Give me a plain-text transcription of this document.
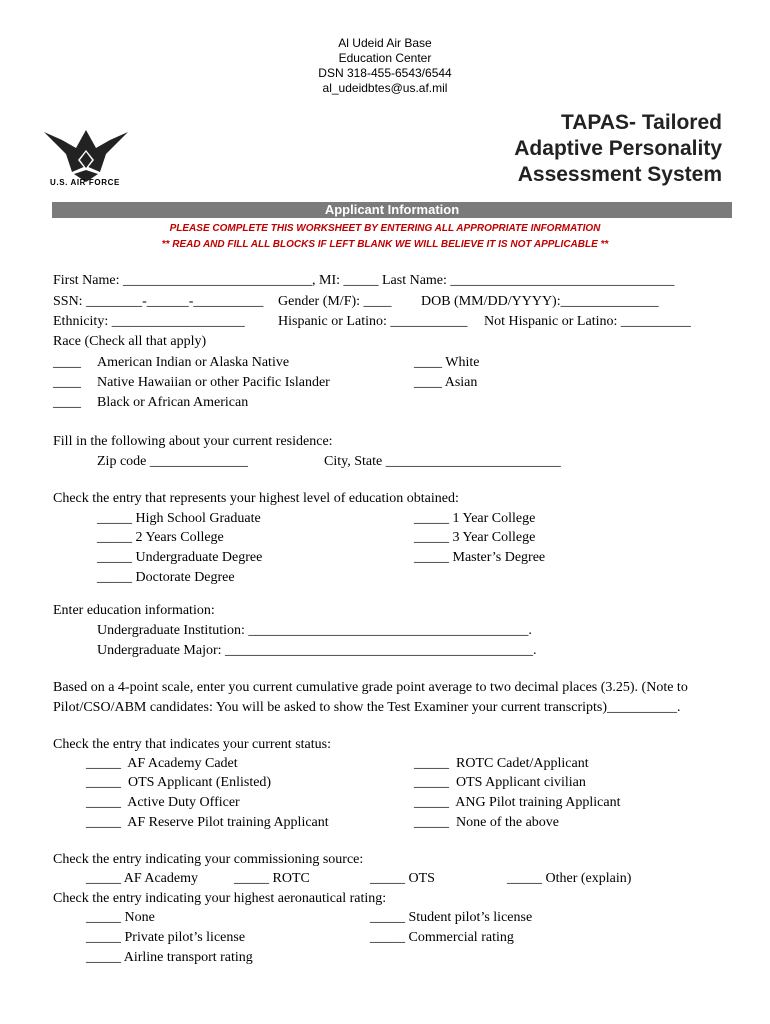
Al Udeid Air Base
Education Center
DSN 318-455-6543/6544
al_udeidbtes@us.af.mil
U.S. AIR FORCE
TAPAS- Tailored
Adaptive Personality
Assessment System
Applicant Information
PLEASE COMPLETE THIS WORKSHEET BY ENTERING ALL APPROPRIATE INFORMATION
** READ AND FILL ALL BLOCKS IF LEFT BLANK WE WILL BELIEVE IT IS NOT APPLICABLE **
First Name: ___________________________, MI: _____ Last Name: ________________________________
SSN: ________-______-__________ Gender (M/F): ____ DOB (MM/DD/YYYY):______________
Ethnicity: ___________________ Hispanic or Latino: ___________ Not Hispanic or Latino: __________
Race (Check all that apply)
____ American Indian or Alaska Native	____ White
____ Native Hawaiian or other Pacific Islander	____ Asian
____ Black or African American
Fill in the following about your current residence:
Zip code ______________	City, State _________________________
Check the entry that represents your highest level of education obtained:
_____ High School Graduate	_____ 1 Year College
_____ 2 Years College	_____ 3 Year College
_____ Undergraduate Degree	_____ Master’s Degree
_____ Doctorate Degree
Enter education information:
Undergraduate Institution: ________________________________________.
Undergraduate Major: ____________________________________________.
Based on a 4-point scale, enter you current cumulative grade point average to two decimal places (3.25). (Note to
Pilot/CSO/ABM candidates: You will be asked to show the Test Examiner your current transcripts)__________.
Check the entry that indicates your current status:
_____  AF Academy Cadet	_____  ROTC Cadet/Applicant
_____  OTS Applicant (Enlisted)	_____  OTS Applicant civilian
_____  Active Duty Officer	_____  ANG Pilot training Applicant
_____  AF Reserve Pilot training Applicant	_____  None of the above
Check the entry indicating your commissioning source:
_____ AF Academy	_____ ROTC	_____ OTS	_____ Other (explain)
Check the entry indicating your highest aeronautical rating:
_____ None	_____ Student pilot’s license
_____ Private pilot’s license	_____ Commercial rating
_____ Airline transport rating
